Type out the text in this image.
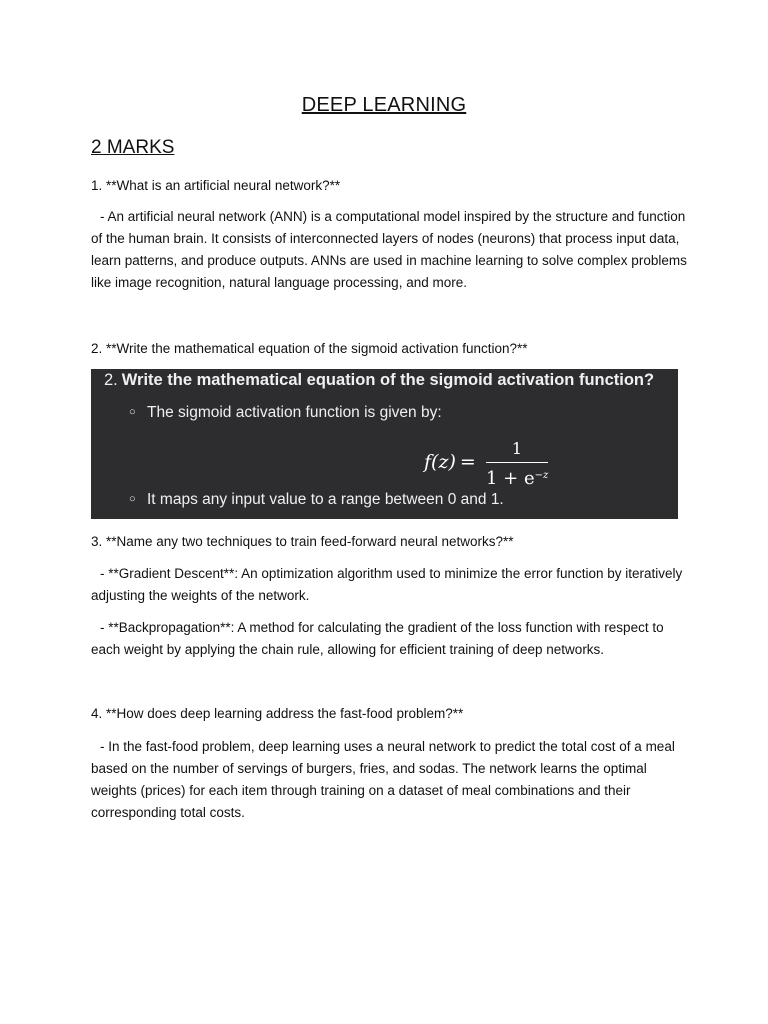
DEEP LEARNING
2 MARKS
1. **What is an artificial neural network?**
- An artificial neural network (ANN) is a computational model inspired by the structure and function of the human brain. It consists of interconnected layers of nodes (neurons) that process input data, learn patterns, and produce outputs. ANNs are used in machine learning to solve complex problems like image recognition, natural language processing, and more.
2. **Write the mathematical equation of the sigmoid activation function?**
2. Write the mathematical equation of the sigmoid activation function?
○ The sigmoid activation function is given by:
f(z) =
1
$1 + e^{-z}$
○ It maps any input value to a range between 0 and 1.
3. **Name any two techniques to train feed-forward neural networks?**
- **Gradient Descent**: An optimization algorithm used to minimize the error function by iteratively adjusting the weights of the network.
- **Backpropagation**: A method for calculating the gradient of the loss function with respect to each weight by applying the chain rule, allowing for efficient training of deep networks.
4. **How does deep learning address the fast-food problem?**
- In the fast-food problem, deep learning uses a neural network to predict the total cost of a meal based on the number of servings of burgers, fries, and sodas. The network learns the optimal weights (prices) for each item through training on a dataset of meal combinations and their corresponding total costs.
